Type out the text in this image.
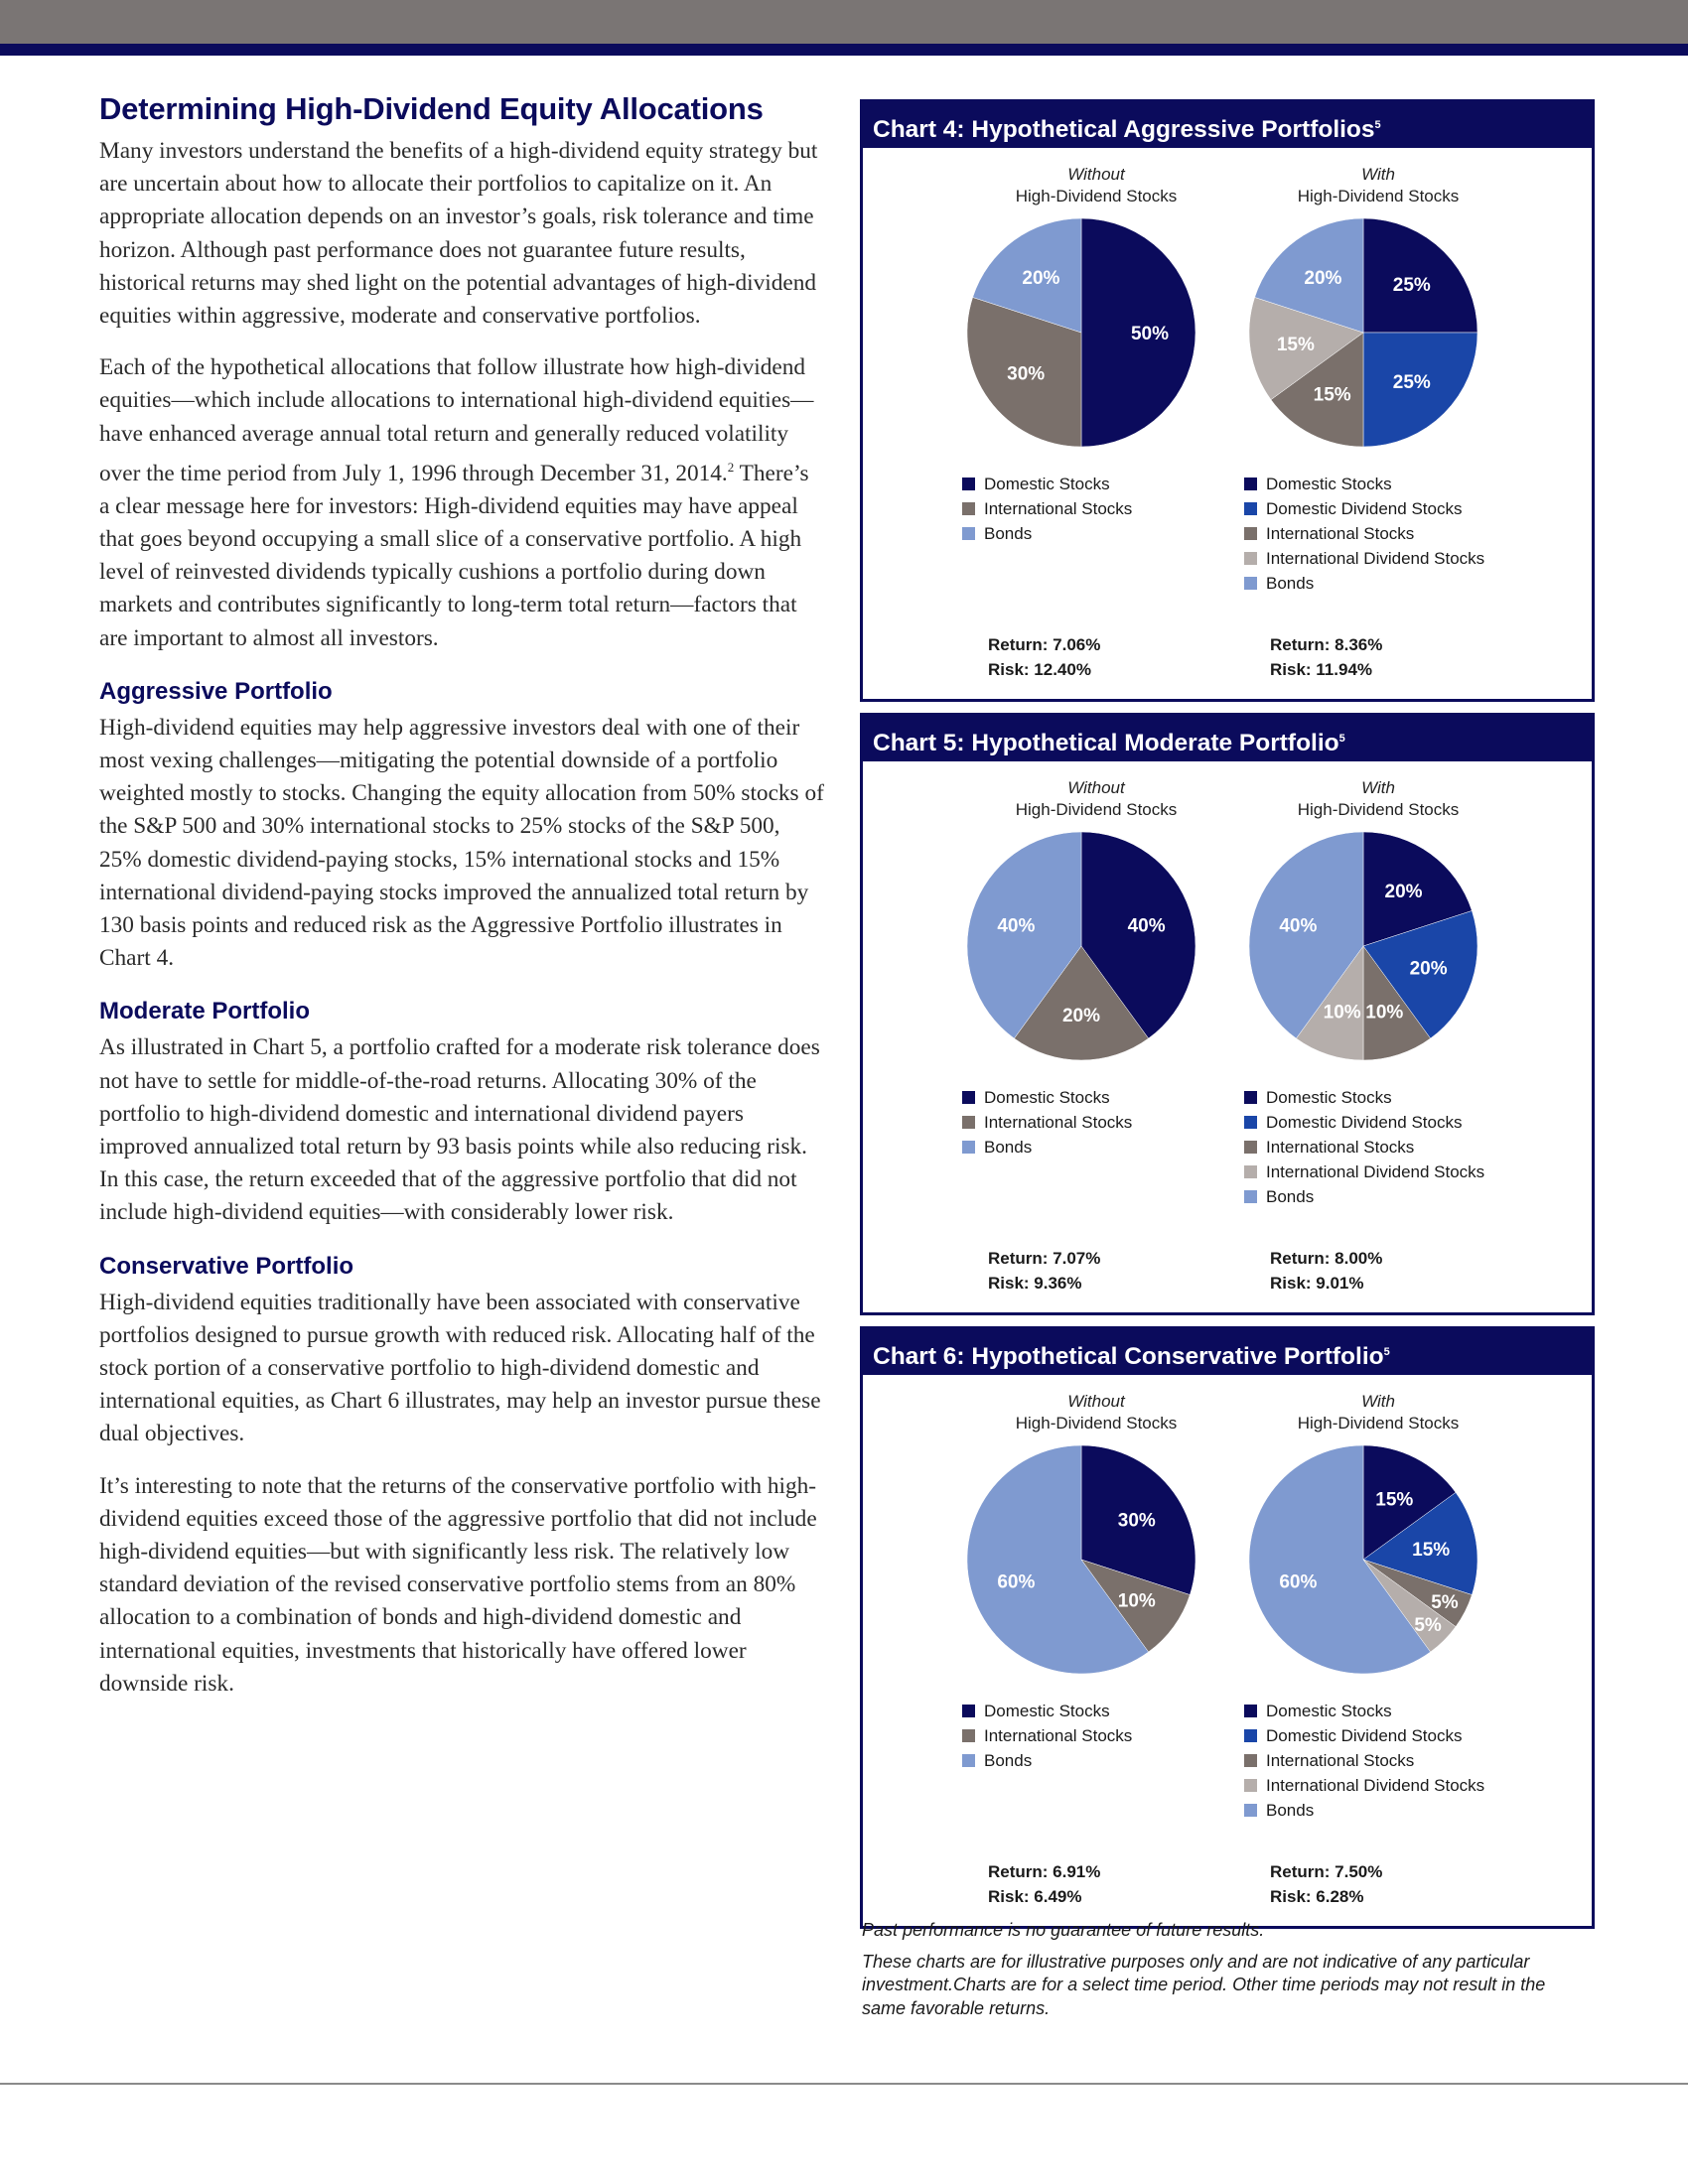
Determining High-Dividend Equity Allocations

Many investors understand the benefits of a high-dividend equity strategy but are uncertain about how to allocate their portfolios to capitalize on it. An appropriate allocation depends on an investor’s goals, risk tolerance and time horizon. Although past performance does not guarantee future results, historical returns may shed light on the potential advantages of high-dividend equities within aggressive, moderate and conservative portfolios.

Each of the hypothetical allocations that follow illustrate how high-dividend equities—which include allocations to international high-dividend equities—have enhanced average annual total return and generally reduced volatility over the time period from July 1, 1996 through December 31, 2014.$^2$ There’s a clear message here for investors: High-dividend equities may have appeal that goes beyond occupying a small slice of a conservative portfolio. A high level of reinvested dividends typically cushions a portfolio during down markets and contributes significantly to long-term total return—factors that are important to almost all investors.

Aggressive Portfolio

High-dividend equities may help aggressive investors deal with one of their most vexing challenges—mitigating the potential downside of a portfolio weighted mostly to stocks. Changing the equity allocation from 50% stocks of the S&P 500 and 30% international stocks to 25% stocks of the S&P 500, 25% domestic dividend-paying stocks, 15% international stocks and 15% international dividend-paying stocks improved the annualized total return by 130 basis points and reduced risk as the Aggressive Portfolio illustrates in Chart 4.

Moderate Portfolio

As illustrated in Chart 5, a portfolio crafted for a moderate risk tolerance does not have to settle for middle-of-the-road returns. Allocating 30% of the portfolio to high-dividend domestic and international dividend payers improved annualized total return by 93 basis points while also reducing risk. In this case, the return exceeded that of the aggressive portfolio that did not include high-dividend equities—with considerably lower risk.

Conservative Portfolio

High-dividend equities traditionally have been associated with conservative portfolios designed to pursue growth with reduced risk. Allocating half of the stock portion of a conservative portfolio to high-dividend domestic and international equities, as Chart 6 illustrates, may help an investor pursue these dual objectives.

It’s interesting to note that the returns of the conservative portfolio with high-dividend equities exceed those of the aggressive portfolio that did not include high-dividend equities—but with significantly less risk. The relatively low standard deviation of the revised conservative portfolio stems from an 80% allocation to a combination of bonds and high-dividend domestic and international equities, investments that historically have offered lower downside risk.

Chart 4: Hypothetical Aggressive Portfolios$^5$
Without
High-Dividend Stocks
50%
30%
20%
Domestic Stocks
International Stocks
Bonds
Return: 7.06%
Risk: 12.40%
With
High-Dividend Stocks
25%
25%
15%
15%
20%
Domestic Stocks
Domestic Dividend Stocks
International Stocks
International Dividend Stocks
Bonds
Return: 8.36%
Risk: 11.94%
Chart 5: Hypothetical Moderate Portfolio$^5$
Without
High-Dividend Stocks
40%
20%
40%
Domestic Stocks
International Stocks
Bonds
Return: 7.07%
Risk: 9.36%
With
High-Dividend Stocks
20%
20%
10%
10%
40%
Domestic Stocks
Domestic Dividend Stocks
International Stocks
International Dividend Stocks
Bonds
Return: 8.00%
Risk: 9.01%
Chart 6: Hypothetical Conservative Portfolio$^5$
Without
High-Dividend Stocks
30%
10%
60%
Domestic Stocks
International Stocks
Bonds
Return: 6.91%
Risk: 6.49%
With
High-Dividend Stocks
15%
15%
5%
5%
60%
Domestic Stocks
Domestic Dividend Stocks
International Stocks
International Dividend Stocks
Bonds
Return: 7.50%
Risk: 6.28%

Past performance is no guarantee of future results.

These charts are for illustrative purposes only and are not indicative of any particular investment.Charts are for a select time period. Other time periods may not result in the same favorable returns.
